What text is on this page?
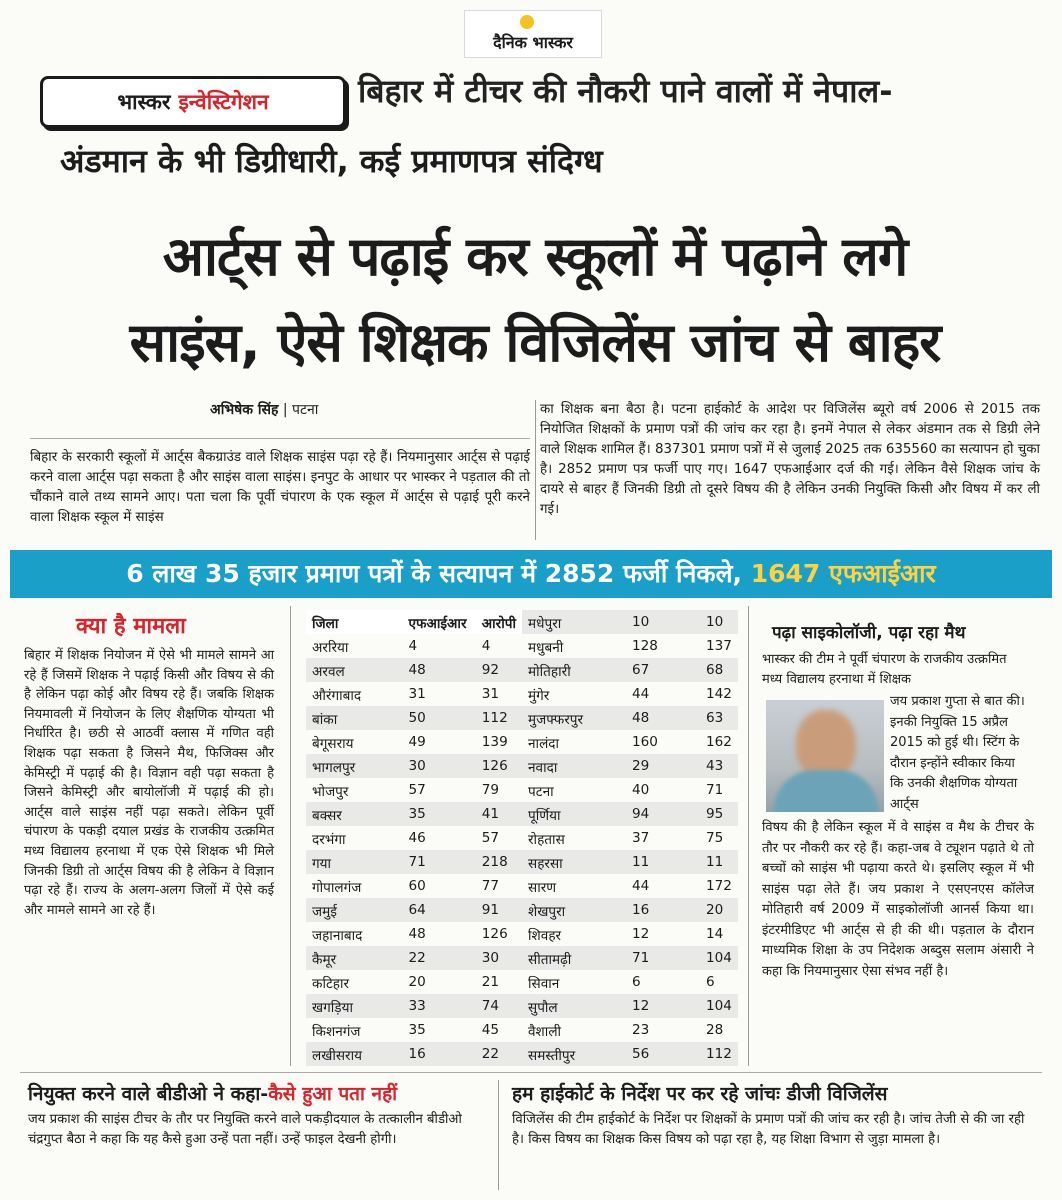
दैनिक भास्कर
भास्कर इन्वेस्टिगेशन	बिहार में टीचर की नौकरी पाने वालों में नेपाल-
अंडमान के भी डिग्रीधारी, कई प्रमाणपत्र संदिग्ध
आर्ट्स से पढ़ाई कर स्कूलों में पढ़ाने लगे
साइंस, ऐसे शिक्षक विजिलेंस जांच से बाहर
अभिषेक सिंह | पटना
बिहार के सरकारी स्कूलों में आर्ट्स बैकग्राउंड वाले शिक्षक साइंस पढ़ा रहे हैं। नियमानुसार आर्ट्स से पढ़ाई करने वाला आर्ट्स पढ़ा सकता है और साइंस वाला साइंस। इनपुट के आधार पर भास्कर ने पड़ताल की तो चौंकाने वाले तथ्य सामने आए। पता चला कि पूर्वी चंपारण के एक स्कूल में आर्ट्स से पढ़ाई पूरी करने वाला शिक्षक स्कूल में साइंस
का शिक्षक बना बैठा है। पटना हाईकोर्ट के आदेश पर विजिलेंस ब्यूरो वर्ष 2006 से 2015 तक नियोजित शिक्षकों के प्रमाण पत्रों की जांच कर रहा है। इनमें नेपाल से लेकर अंडमान तक से डिग्री लेने वाले शिक्षक शामिल हैं। 837301 प्रमाण पत्रों में से जुलाई 2025 तक 635560 का सत्यापन हो चुका है। 2852 प्रमाण पत्र फर्जी पाए गए। 1647 एफआईआर दर्ज की गई। लेकिन वैसे शिक्षक जांच के दायरे से बाहर हैं जिनकी डिग्री तो दूसरे विषय की है लेकिन उनकी नियुक्ति किसी और विषय में कर ली गई।
6 लाख 35 हजार प्रमाण पत्रों के सत्यापन में 2852 फर्जी निकले, 1647 एफआईआर
क्या है मामला
बिहार में शिक्षक नियोजन में ऐसे भी मामले सामने आ रहे हैं जिसमें शिक्षक ने पढ़ाई किसी और विषय से की है लेकिन पढ़ा कोई और विषय रहे हैं। जबकि शिक्षक नियमावली में नियोजन के लिए शैक्षणिक योग्यता भी निर्धारित है। छठी से आठवीं क्लास में गणित वही शिक्षक पढ़ा सकता है जिसने मैथ, फिजिक्स और केमिस्ट्री में पढ़ाई की है। विज्ञान वही पढ़ा सकता है जिसने केमिस्ट्री और बायोलॉजी में पढ़ाई की हो। आर्ट्स वाले साइंस नहीं पढ़ा सकते। लेकिन पूर्वी चंपारण के पकड़ी दयाल प्रखंड के राजकीय उत्क्रमित मध्य विद्यालय हरनाथा में एक ऐसे शिक्षक भी मिले जिनकी डिग्री तो आर्ट्स विषय की है लेकिन वे विज्ञान पढ़ा रहे हैं। राज्य के अलग-अलग जिलों में ऐसे कई और मामले सामने आ रहे हैं।
जिला	एफआईआर	आरोपी
अररिया	4	4
अरवल	48	92
औरंगाबाद	31	31
बांका	50	112
बेगूसराय	49	139
भागलपुर	30	126
भोजपुर	57	79
बक्सर	35	41
दरभंगा	46	57
गया	71	218
गोपालगंज	60	77
जमुई	64	91
जहानाबाद	48	126
कैमूर	22	30
कटिहार	20	21
खगड़िया	33	74
किशनगंज	35	45
लखीसराय	16	22
मधेपुरा	10	10
मधुबनी	128	137
मोतिहारी	67	68
मुंगेर	44	142
मुजफ्फरपुर	48	63
नालंदा	160	162
नवादा	29	43
पटना	40	71
पूर्णिया	94	95
रोहतास	37	75
सहरसा	11	11
सारण	44	172
शेखपुरा	16	20
शिवहर	12	14
सीतामढ़ी	71	104
सिवान	6	6
सुपौल	12	104
वैशाली	23	28
समस्तीपुर	56	112
पढ़ा साइकोलॉजी, पढ़ा रहा मैथ
भास्कर की टीम ने पूर्वी चंपारण के राजकीय उत्क्रमित मध्य विद्यालय हरनाथा में शिक्षक
जय प्रकाश गुप्ता से बात की। इनकी नियुक्ति 15 अप्रैल 2015 को हुई थी। स्टिंग के दौरान इन्होंने स्वीकार किया कि उनकी शैक्षणिक योग्यता आर्ट्स
विषय की है लेकिन स्कूल में वे साइंस व मैथ के टीचर के तौर पर नौकरी कर रहे हैं। कहा-जब वे ट्यूशन पढ़ाते थे तो बच्चों को साइंस भी पढ़ाया करते थे। इसलिए स्कूल में भी साइंस पढ़ा लेते हैं। जय प्रकाश ने एसएनएस कॉलेज मोतिहारी वर्ष 2009 में साइकोलॉजी आनर्स किया था। इंटरमीडिएट भी आर्ट्स से ही की थी। पड़ताल के दौरान माध्यमिक शिक्षा के उप निदेशक अब्दुस सलाम अंसारी ने कहा कि नियमानुसार ऐसा संभव नहीं है।
नियुक्त करने वाले बीडीओ ने कहा-कैसे हुआ पता नहीं
जय प्रकाश की साइंस टीचर के तौर पर नियुक्ति करने वाले पकड़ीदयाल के तत्कालीन बीडीओ चंद्रगुप्त बैठा ने कहा कि यह कैसे हुआ उन्हें पता नहीं। उन्हें फाइल देखनी होगी।
हम हाईकोर्ट के निर्देश पर कर रहे जांचः डीजी विजिलेंस
विजिलेंस की टीम हाईकोर्ट के निर्देश पर शिक्षकों के प्रमाण पत्रों की जांच कर रही है। जांच तेजी से की जा रही है। किस विषय का शिक्षक किस विषय को पढ़ा रहा है, यह शिक्षा विभाग से जुड़ा मामला है।
